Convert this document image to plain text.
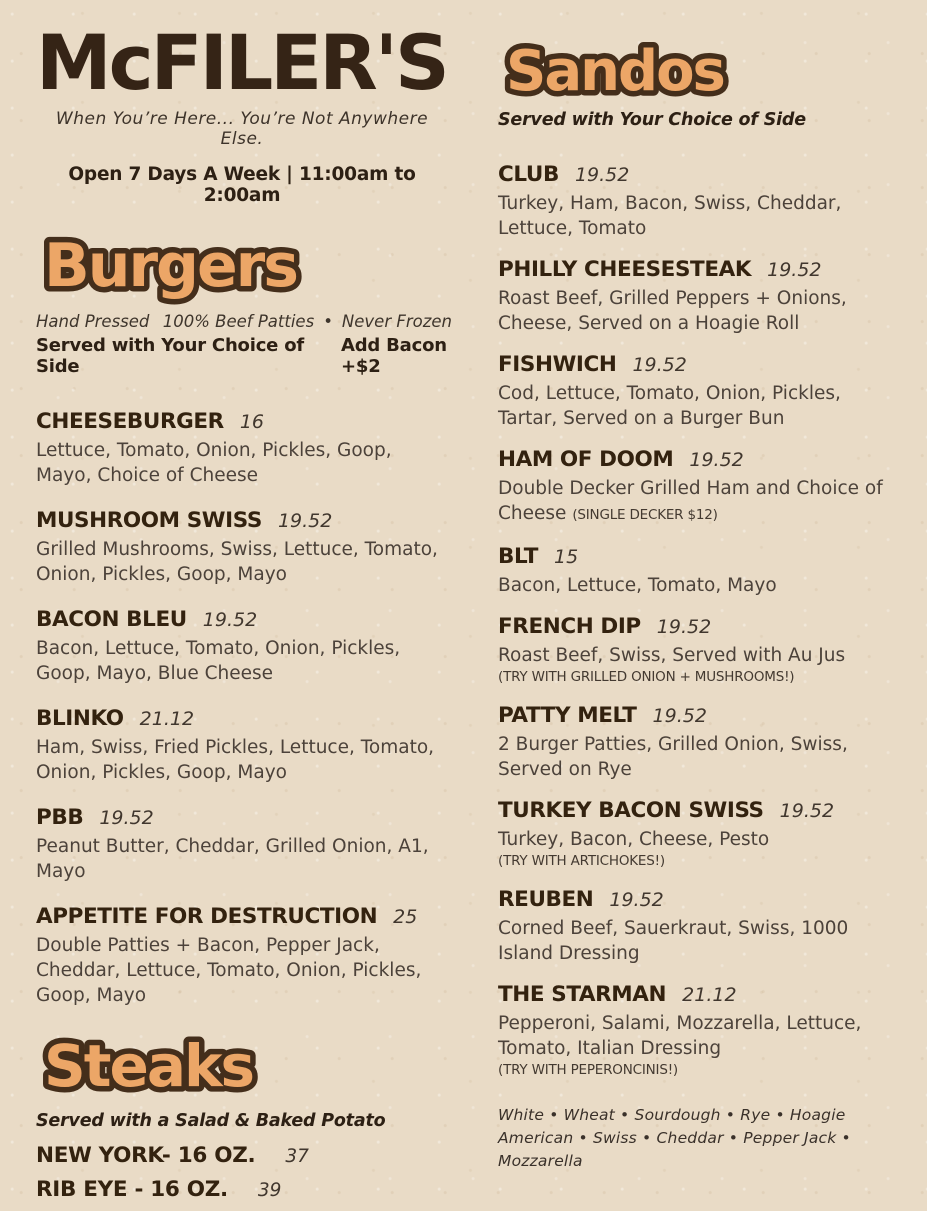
McFILER'S
When You’re Here... You’re Not Anywhere Else.
Open 7 Days A Week | 11:00am to 2:00am
Burgers
Hand Pressed 100% Beef Patties • Never Frozen
Served with Your Choice of Side
Add Bacon +$2
CHEESEBURGER 16

Lettuce, Tomato, Onion, Pickles, Goop, Mayo, Choice of Cheese

MUSHROOM SWISS 19.52

Grilled Mushrooms, Swiss, Lettuce, Tomato, Onion, Pickles, Goop, Mayo

BACON BLEU 19.52

Bacon, Lettuce, Tomato, Onion, Pickles, Goop, Mayo, Blue Cheese

BLINKO 21.12

Ham, Swiss, Fried Pickles, Lettuce, Tomato, Onion, Pickles, Goop, Mayo

PBB 19.52

Peanut Butter, Cheddar, Grilled Onion, A1, Mayo

APPETITE FOR DESTRUCTION 25

Double Patties + Bacon, Pepper Jack, Cheddar, Lettuce, Tomato, Onion, Pickles, Goop, Mayo

Steaks
Served with a Salad & Baked Potato
NEW YORK- 16 OZ. 37
RIB EYE - 16 OZ. 39
Sandos
Served with Your Choice of Side
CLUB 19.52

Turkey, Ham, Bacon, Swiss, Cheddar, Lettuce, Tomato

PHILLY CHEESESTEAK 19.52

Roast Beef, Grilled Peppers + Onions, Cheese, Served on a Hoagie Roll

FISHWICH 19.52

Cod, Lettuce, Tomato, Onion, Pickles, Tartar, Served on a Burger Bun

HAM OF DOOM 19.52

Double Decker Grilled Ham and Choice of Cheese (SINGLE DECKER $12)

BLT 15

Bacon, Lettuce, Tomato, Mayo

FRENCH DIP 19.52

Roast Beef, Swiss, Served with Au Jus

(TRY WITH GRILLED ONION + MUSHROOMS!)
PATTY MELT 19.52

2 Burger Patties, Grilled Onion, Swiss, Served on Rye

TURKEY BACON SWISS 19.52

Turkey, Bacon, Cheese, Pesto

(TRY WITH ARTICHOKES!)
REUBEN 19.52

Corned Beef, Sauerkraut, Swiss, 1000 Island Dressing

THE STARMAN 21.12

Pepperoni, Salami, Mozzarella, Lettuce, Tomato, Italian Dressing

(TRY WITH PEPERONCINIS!)
White • Wheat • Sourdough • Rye • Hoagie
American • Swiss • Cheddar • Pepper Jack • Mozzarella
